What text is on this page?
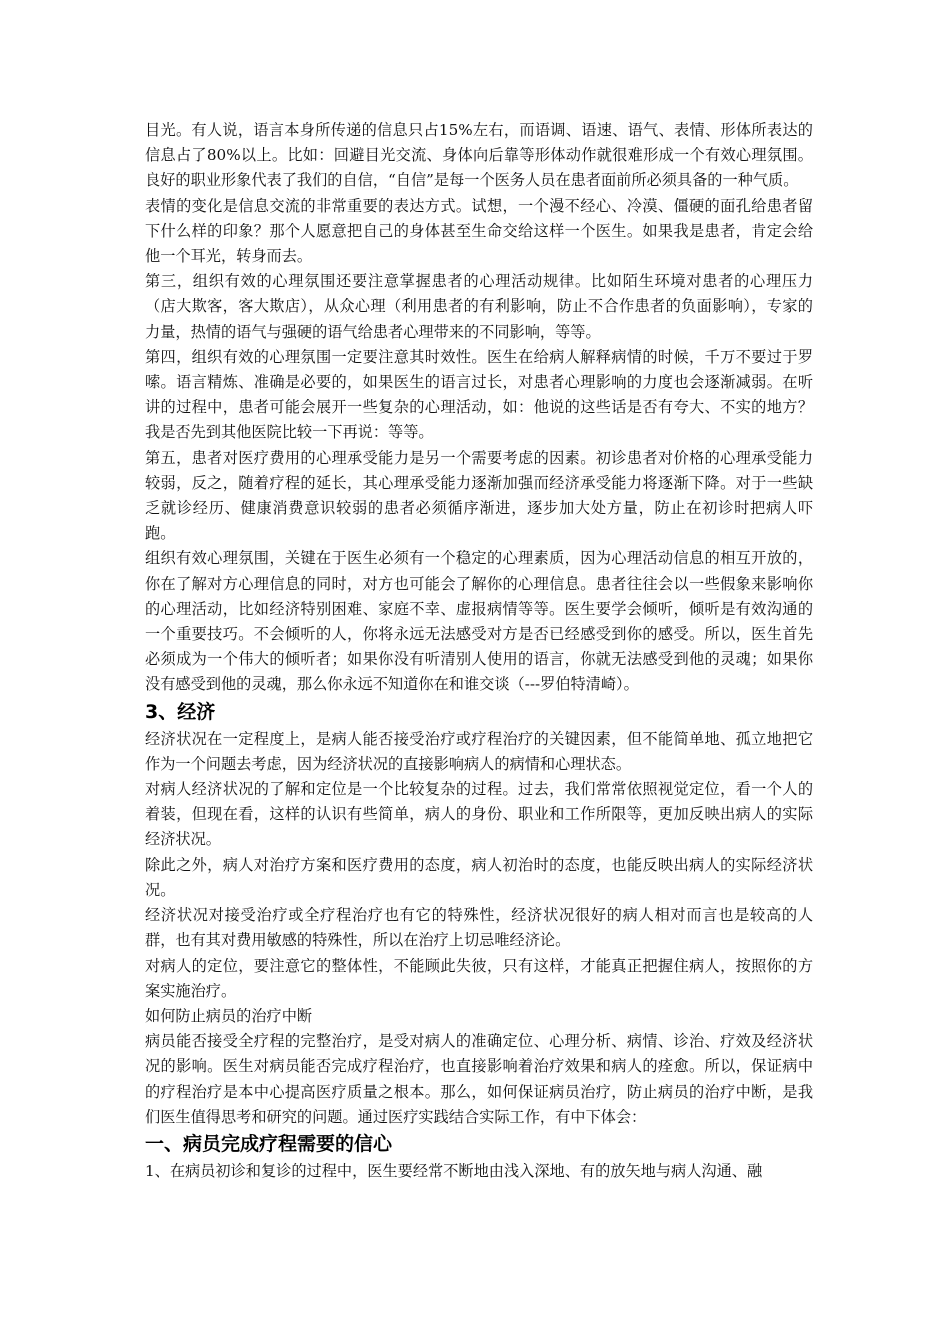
目光。有人说，语言本身所传递的信息只占15%左右，而语调、语速、语气、表情、形体所表达的信息占了80%以上。比如：回避目光交流、身体向后靠等形体动作就很难形成一个有效心理氛围。良好的职业形象代表了我们的自信，“自信”是每一个医务人员在患者面前所必须具备的一种气质。

表情的变化是信息交流的非常重要的表达方式。试想，一个漫不经心、冷漠、僵硬的面孔给患者留下什么样的印象？那个人愿意把自己的身体甚至生命交给这样一个医生。如果我是患者，肯定会给他一个耳光，转身而去。

第三，组织有效的心理氛围还要注意掌握患者的心理活动规律。比如陌生环境对患者的心理压力（店大欺客，客大欺店），从众心理（利用患者的有利影响，防止不合作患者的负面影响），专家的力量，热情的语气与强硬的语气给患者心理带来的不同影响，等等。

第四，组织有效的心理氛围一定要注意其时效性。医生在给病人解释病情的时候，千万不要过于罗嗦。语言精炼、准确是必要的，如果医生的语言过长，对患者心理影响的力度也会逐渐减弱。在听讲的过程中，患者可能会展开一些复杂的心理活动，如：他说的这些话是否有夸大、不实的地方？我是否先到其他医院比较一下再说：等等。

第五，患者对医疗费用的心理承受能力是另一个需要考虑的因素。初诊患者对价格的心理承受能力较弱，反之，随着疗程的延长，其心理承受能力逐渐加强而经济承受能力将逐渐下降。对于一些缺乏就诊经历、健康消费意识较弱的患者必须循序渐进，逐步加大处方量，防止在初诊时把病人吓跑。

组织有效心理氛围，关键在于医生必须有一个稳定的心理素质，因为心理活动信息的相互开放的，你在了解对方心理信息的同时，对方也可能会了解你的心理信息。患者往往会以一些假象来影响你的心理活动，比如经济特别困难、家庭不幸、虚报病情等等。医生要学会倾听，倾听是有效沟通的一个重要技巧。不会倾听的人，你将永远无法感受对方是否已经感受到你的感受。所以，医生首先必须成为一个伟大的倾听者；如果你没有听清别人使用的语言，你就无法感受到他的灵魂；如果你没有感受到他的灵魂，那么你永远不知道你在和谁交谈（---罗伯特清崎）。

3、经济

经济状况在一定程度上，是病人能否接受治疗或疗程治疗的关键因素，但不能简单地、孤立地把它作为一个问题去考虑，因为经济状况的直接影响病人的病情和心理状态。

对病人经济状况的了解和定位是一个比较复杂的过程。过去，我们常常依照视觉定位，看一个人的着装，但现在看，这样的认识有些简单，病人的身份、职业和工作所限等，更加反映出病人的实际经济状况。

除此之外，病人对治疗方案和医疗费用的态度，病人初治时的态度，也能反映出病人的实际经济状况。

经济状况对接受治疗或全疗程治疗也有它的特殊性，经济状况很好的病人相对而言也是较高的人群，也有其对费用敏感的特殊性，所以在治疗上切忌唯经济论。

对病人的定位，要注意它的整体性，不能顾此失彼，只有这样，才能真正把握住病人，按照你的方案实施治疗。

如何防止病员的治疗中断

病员能否接受全疗程的完整治疗，是受对病人的准确定位、心理分析、病情、诊治、疗效及经济状况的影响。医生对病员能否完成疗程治疗，也直接影响着治疗效果和病人的痊愈。所以，保证病中的疗程治疗是本中心提高医疗质量之根本。那么，如何保证病员治疗，防止病员的治疗中断，是我们医生值得思考和研究的问题。通过医疗实践结合实际工作，有中下体会：

一、病员完成疗程需要的信心

1、在病员初诊和复诊的过程中，医生要经常不断地由浅入深地、有的放矢地与病人沟通、融
